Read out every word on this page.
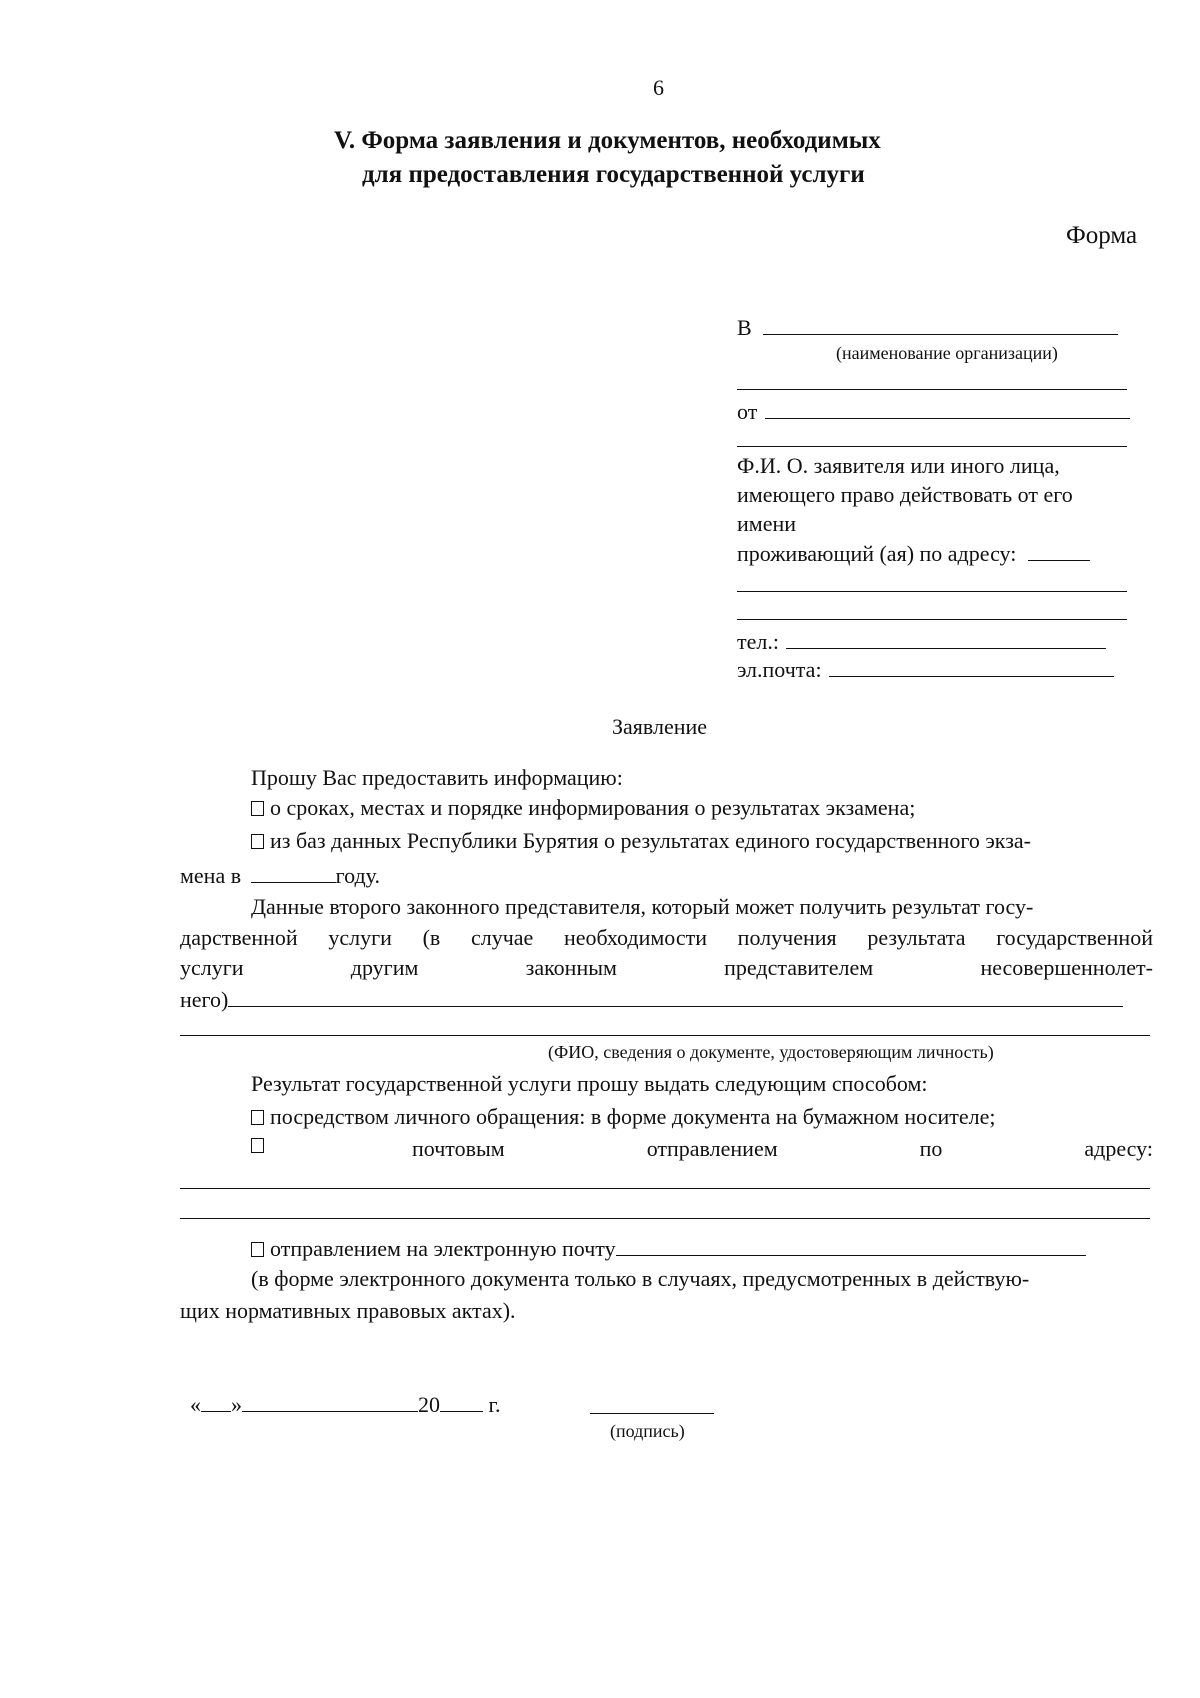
6
V. Форма заявления и документов, необходимых
для предоставления государственной услуги
Форма
В
(наименование организации)
от
Ф.И. О. заявителя или иного лица,
имеющего право действовать от его
имени
проживающий (ая) по адресу:
тел.:
эл.почта:
Заявление
Прошу Вас предоставить информацию:
о сроках, местах и порядке информирования о результатах экзамена;
из баз данных Республики Бурятия о результатах единого государственного экза-
мена в	году.
Данные второго законного представителя, который может получить результат госу-
дарственной услуги (в случае необходимости получения результата государственной
услуги	другим	законным	представителем	несовершеннолет-
него)
(ФИО, сведения о документе, удостоверяющим личность)
Результат государственной услуги прошу выдать следующим способом:
посредством личного обращения: в форме документа на бумажном носителе;
почтовым	отправлением	по	адресу:
отправлением на электронную почту
(в форме электронного документа только в случаях, предусмотренных в действую-
щих нормативных правовых актах).
« »	20 г.
(подпись)
